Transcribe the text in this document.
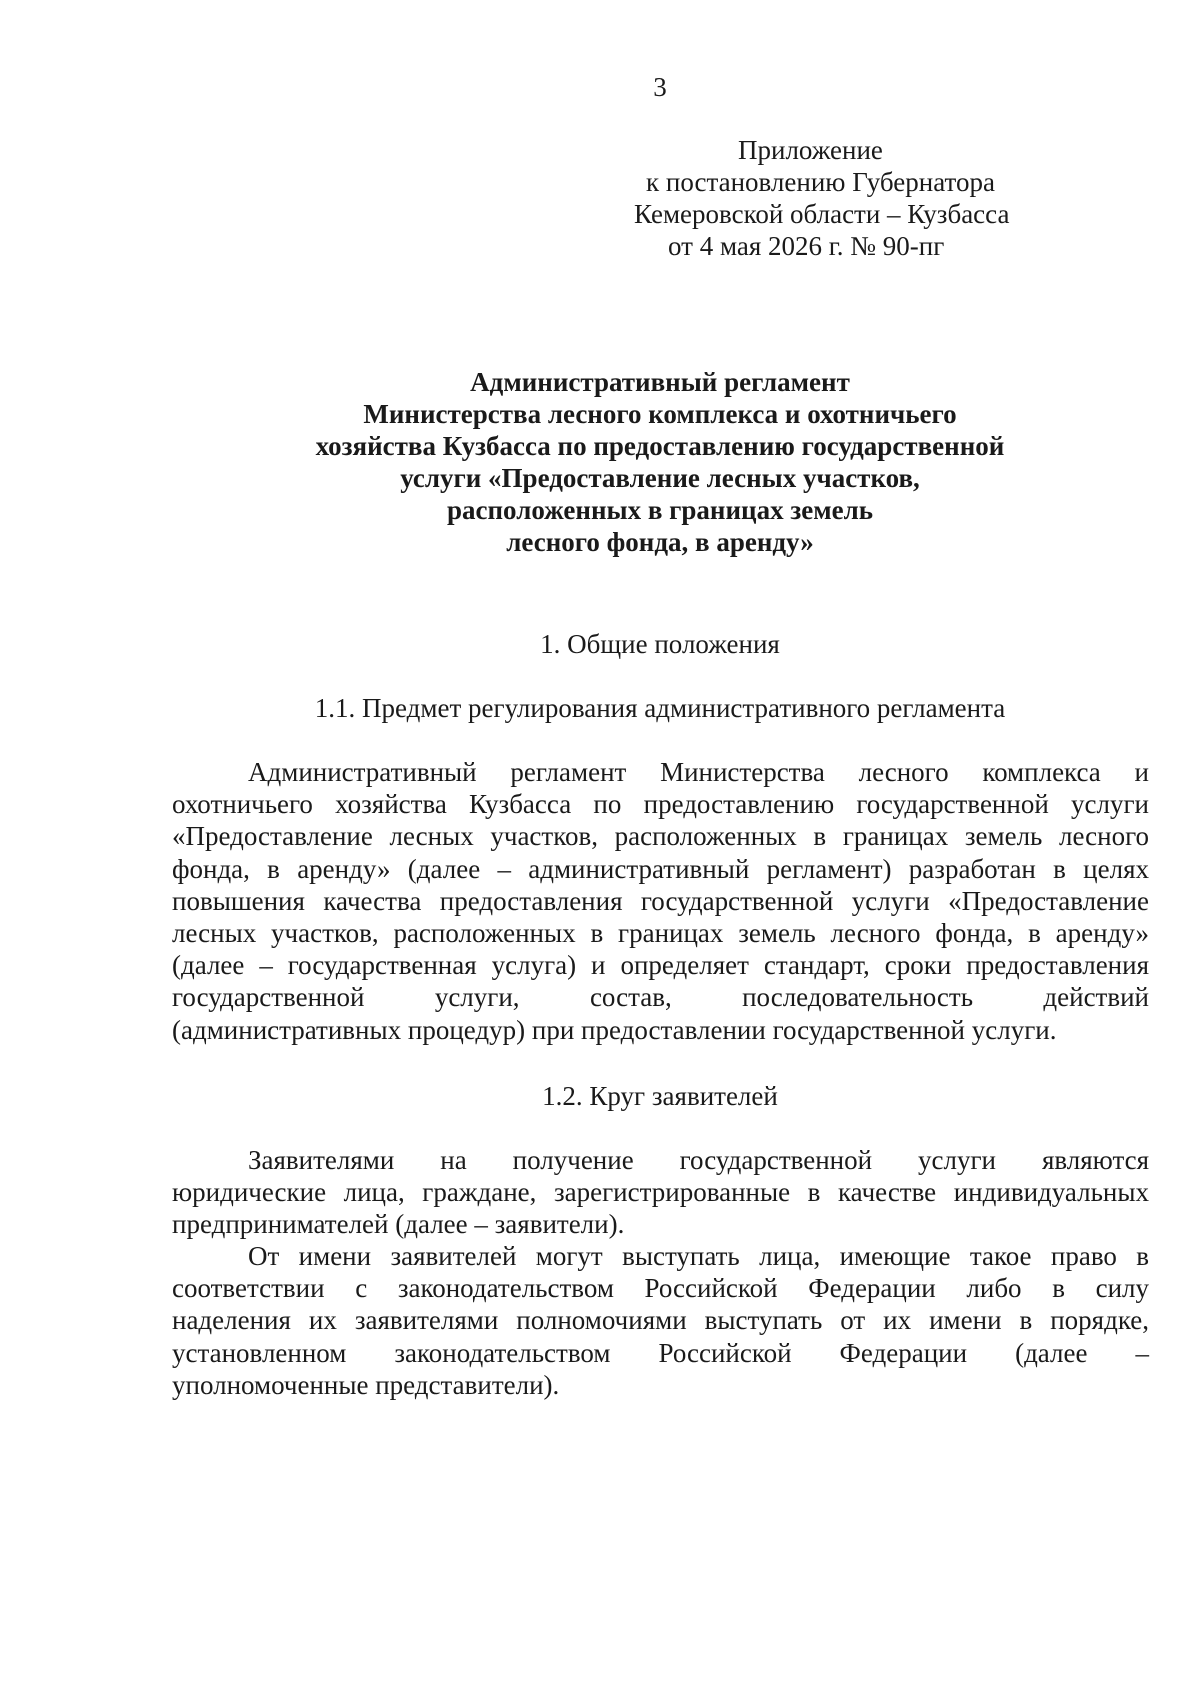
3
Приложение
к постановлению Губернатора
Кемеровской области – Кузбасса
от 4 мая 2026 г. № 90-пг
Административный регламент
Министерства лесного комплекса и охотничьего
хозяйства Кузбасса по предоставлению государственной
услуги «Предоставление лесных участков,
расположенных в границах земель
лесного фонда, в аренду»
1. Общие положения
1.1. Предмет регулирования административного регламента
Административный регламент Министерства лесного комплекса и
охотничьего хозяйства Кузбасса по предоставлению государственной услуги
«Предоставление лесных участков, расположенных в границах земель лесного
фонда, в аренду» (далее – административный регламент) разработан в целях
повышения качества предоставления государственной услуги «Предоставление
лесных участков, расположенных в границах земель лесного фонда, в аренду»
(далее – государственная услуга) и определяет стандарт, сроки предоставления
государственной услуги, состав, последовательность действий
(административных процедур) при предоставлении государственной услуги.
1.2. Круг заявителей
Заявителями на получение государственной услуги являются
юридические лица, граждане, зарегистрированные в качестве индивидуальных
предпринимателей (далее – заявители).
От имени заявителей могут выступать лица, имеющие такое право в
соответствии с законодательством Российской Федерации либо в силу
наделения их заявителями полномочиями выступать от их имени в порядке,
установленном законодательством Российской Федерации (далее –
уполномоченные представители).
